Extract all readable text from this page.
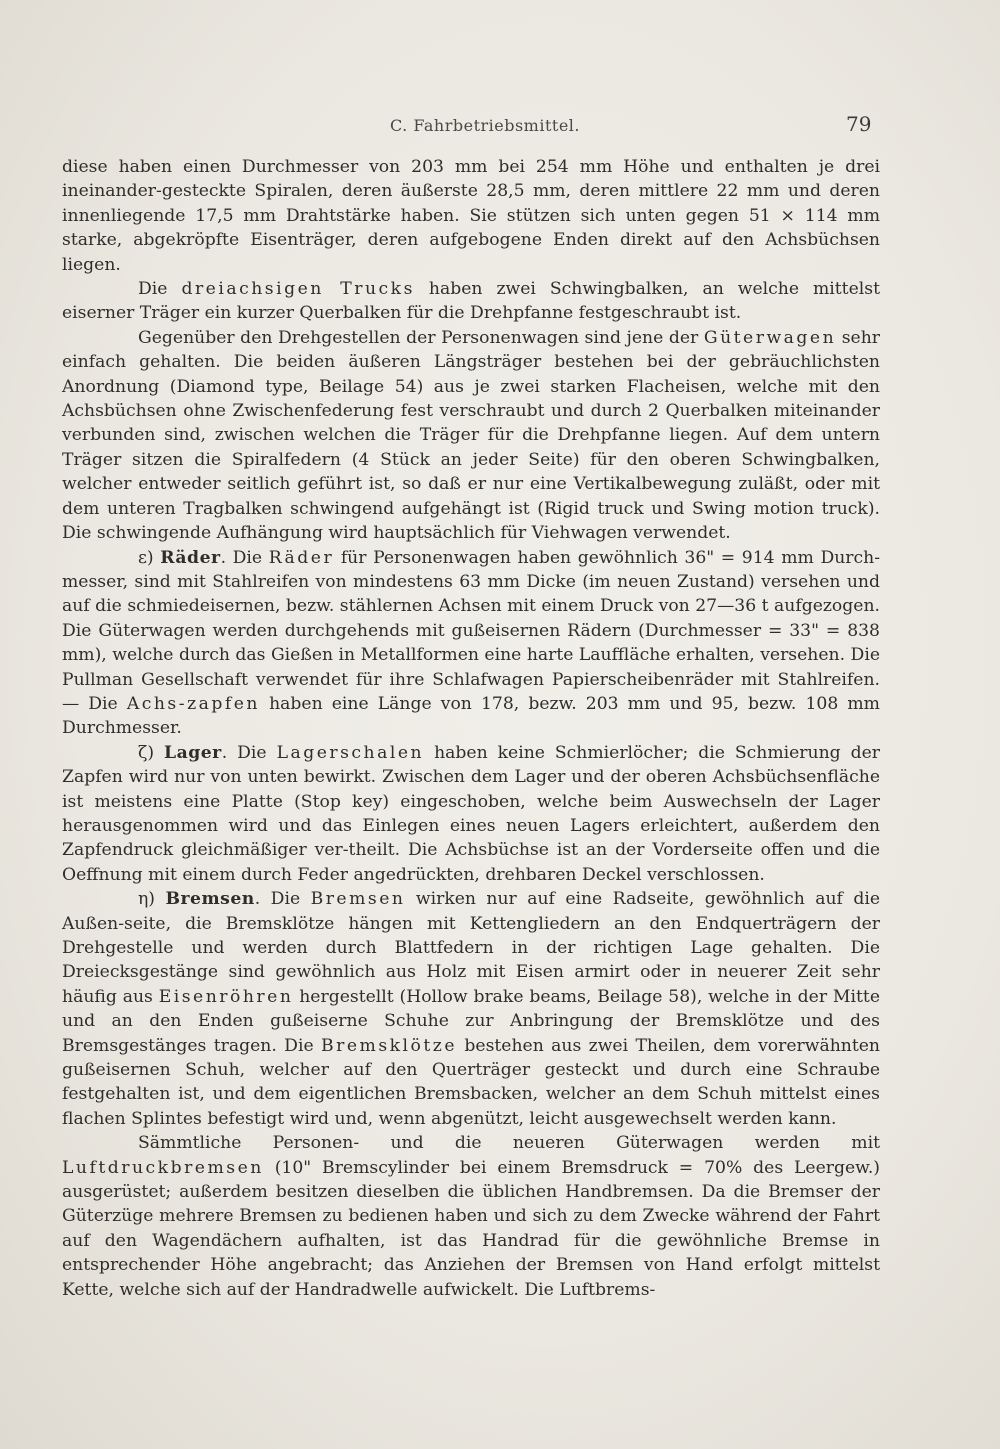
C. Fahrbetriebsmittel.	79

diese haben einen Durchmesser von 203 mm bei 254 mm Höhe und enthalten je drei ineinander-gesteckte Spiralen, deren äußerste 28,5 mm, deren mittlere 22 mm und deren innenliegende 17,5 mm Drahtstärke haben. Sie stützen sich unten gegen 51 × 114 mm starke, abgekröpfte Eisenträger, deren aufgebogene Enden direkt auf den Achsbüchsen liegen.

Die dreiachsigen Trucks haben zwei Schwingbalken, an welche mittelst eiserner Träger ein kurzer Querbalken für die Drehpfanne festgeschraubt ist.

Gegenüber den Drehgestellen der Personenwagen sind jene der Güterwagen sehr einfach gehalten. Die beiden äußeren Längsträger bestehen bei der gebräuchlichsten Anordnung (Diamond type, Beilage 54) aus je zwei starken Flacheisen, welche mit den Achsbüchsen ohne Zwischenfederung fest verschraubt und durch 2 Querbalken miteinander verbunden sind, zwischen welchen die Träger für die Drehpfanne liegen. Auf dem untern Träger sitzen die Spiralfedern (4 Stück an jeder Seite) für den oberen Schwingbalken, welcher entweder seitlich geführt ist, so daß er nur eine Vertikalbewegung zuläßt, oder mit dem unteren Tragbalken schwingend aufgehängt ist (Rigid truck und Swing motion truck). Die schwingende Aufhängung wird hauptsächlich für Viehwagen verwendet.

ε) Räder. Die Räder für Personenwagen haben gewöhnlich 36" = 914 mm Durch-messer, sind mit Stahlreifen von mindestens 63 mm Dicke (im neuen Zustand) versehen und auf die schmiedeisernen, bezw. stählernen Achsen mit einem Druck von 27—36 t aufgezogen. Die Güterwagen werden durchgehends mit gußeisernen Rädern (Durchmesser = 33" = 838 mm), welche durch das Gießen in Metallformen eine harte Lauffläche erhalten, versehen. Die Pullman Gesellschaft verwendet für ihre Schlafwagen Papierscheibenräder mit Stahlreifen. — Die Achs-zapfen haben eine Länge von 178, bezw. 203 mm und 95, bezw. 108 mm Durchmesser.

ζ) Lager. Die Lagerschalen haben keine Schmierlöcher; die Schmierung der Zapfen wird nur von unten bewirkt. Zwischen dem Lager und der oberen Achsbüchsenfläche ist meistens eine Platte (Stop key) eingeschoben, welche beim Auswechseln der Lager herausgenommen wird und das Einlegen eines neuen Lagers erleichtert, außerdem den Zapfendruck gleichmäßiger ver-theilt. Die Achsbüchse ist an der Vorderseite offen und die Oeffnung mit einem durch Feder angedrückten, drehbaren Deckel verschlossen.

η) Bremsen. Die Bremsen wirken nur auf eine Radseite, gewöhnlich auf die Außen-seite, die Bremsklötze hängen mit Kettengliedern an den Endquerträgern der Drehgestelle und werden durch Blattfedern in der richtigen Lage gehalten. Die Dreiecksgestänge sind gewöhnlich aus Holz mit Eisen armirt oder in neuerer Zeit sehr häufig aus Eisenröhren hergestellt (Hollow brake beams, Beilage 58), welche in der Mitte und an den Enden gußeiserne Schuhe zur Anbringung der Bremsklötze und des Bremsgestänges tragen. Die Bremsklötze bestehen aus zwei Theilen, dem vorerwähnten gußeisernen Schuh, welcher auf den Querträger gesteckt und durch eine Schraube festgehalten ist, und dem eigentlichen Bremsbacken, welcher an dem Schuh mittelst eines flachen Splintes befestigt wird und, wenn abgenützt, leicht ausgewechselt werden kann.

Sämmtliche Personen- und die neueren Güterwagen werden mit Luftdruckbremsen (10" Bremscylinder bei einem Bremsdruck = 70% des Leergew.) ausgerüstet; außerdem besitzen dieselben die üblichen Handbremsen. Da die Bremser der Güterzüge mehrere Bremsen zu bedienen haben und sich zu dem Zwecke während der Fahrt auf den Wagendächern aufhalten, ist das Handrad für die gewöhnliche Bremse in entsprechender Höhe angebracht; das Anziehen der Bremsen von Hand erfolgt mittelst Kette, welche sich auf der Handradwelle aufwickelt. Die Luftbrems-
